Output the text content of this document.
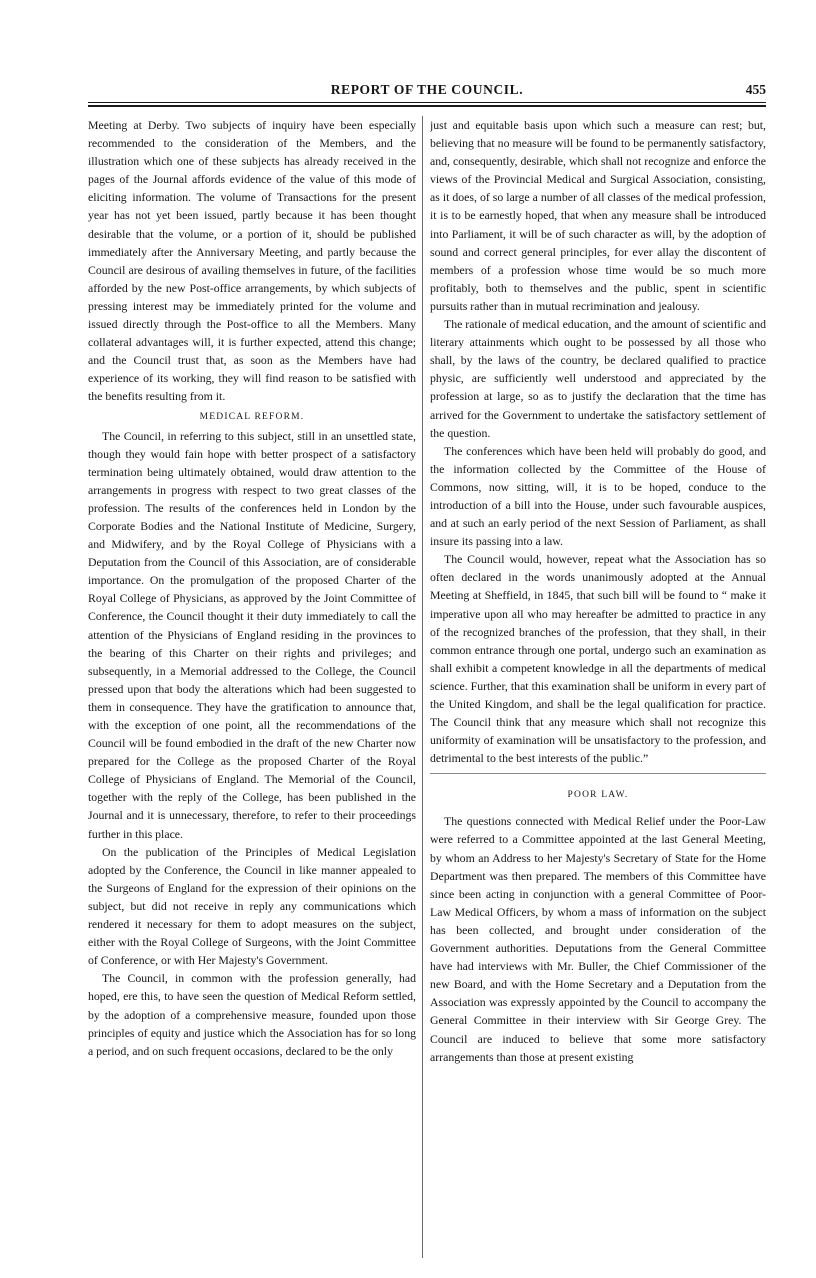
REPORT OF THE COUNCIL.	455

Meeting at Derby. Two subjects of inquiry have been especially recommended to the consideration of the Members, and the illustration which one of these subjects has already received in the pages of the Journal affords evidence of the value of this mode of eliciting information. The volume of Transactions for the present year has not yet been issued, partly because it has been thought desirable that the volume, or a portion of it, should be published immediately after the Anniversary Meeting, and partly because the Council are desirous of availing themselves in future, of the facilities afforded by the new Post-office arrangements, by which subjects of pressing interest may be immediately printed for the volume and issued directly through the Post-office to all the Members. Many collateral advantages will, it is further expected, attend this change; and the Council trust that, as soon as the Members have had experience of its working, they will find reason to be satisfied with the benefits resulting from it.

MEDICAL REFORM.

The Council, in referring to this subject, still in an unsettled state, though they would fain hope with better prospect of a satisfactory termination being ultimately obtained, would draw attention to the arrangements in progress with respect to two great classes of the profession. The results of the conferences held in London by the Corporate Bodies and the National Institute of Medicine, Surgery, and Midwifery, and by the Royal College of Physicians with a Deputation from the Council of this Association, are of considerable importance. On the promulgation of the proposed Charter of the Royal College of Physicians, as approved by the Joint Committee of Conference, the Council thought it their duty immediately to call the attention of the Physicians of England residing in the provinces to the bearing of this Charter on their rights and privileges; and subsequently, in a Memorial addressed to the College, the Council pressed upon that body the alterations which had been suggested to them in consequence. They have the gratification to announce that, with the exception of one point, all the recommendations of the Council will be found embodied in the draft of the new Charter now prepared for the College as the proposed Charter of the Royal College of Physicians of England. The Memorial of the Council, together with the reply of the College, has been published in the Journal and it is unnecessary, therefore, to refer to their proceedings further in this place.

On the publication of the Principles of Medical Legislation adopted by the Conference, the Council in like manner appealed to the Surgeons of England for the expression of their opinions on the subject, but did not receive in reply any communications which rendered it necessary for them to adopt measures on the subject, either with the Royal College of Surgeons, with the Joint Committee of Conference, or with Her Majesty's Government.

The Council, in common with the profession generally, had hoped, ere this, to have seen the question of Medical Reform settled, by the adoption of a comprehensive measure, founded upon those principles of equity and justice which the Association has for so long a period, and on such frequent occasions, declared to be the only

just and equitable basis upon which such a measure can rest; but, believing that no measure will be found to be permanently satisfactory, and, consequently, desirable, which shall not recognize and enforce the views of the Provincial Medical and Surgical Association, consisting, as it does, of so large a number of all classes of the medical profession, it is to be earnestly hoped, that when any measure shall be introduced into Parliament, it will be of such character as will, by the adoption of sound and correct general principles, for ever allay the discontent of members of a profession whose time would be so much more profitably, both to themselves and the public, spent in scientific pursuits rather than in mutual recrimination and jealousy.

The rationale of medical education, and the amount of scientific and literary attainments which ought to be possessed by all those who shall, by the laws of the country, be declared qualified to practice physic, are sufficiently well understood and appreciated by the profession at large, so as to justify the declaration that the time has arrived for the Government to undertake the satisfactory settlement of the question.

The conferences which have been held will probably do good, and the information collected by the Committee of the House of Commons, now sitting, will, it is to be hoped, conduce to the introduction of a bill into the House, under such favourable auspices, and at such an early period of the next Session of Parliament, as shall insure its passing into a law.

The Council would, however, repeat what the Association has so often declared in the words unanimously adopted at the Annual Meeting at Sheffield, in 1845, that such bill will be found to “ make it imperative upon all who may hereafter be admitted to practice in any of the recognized branches of the profession, that they shall, in their common entrance through one portal, undergo such an examination as shall exhibit a competent knowledge in all the departments of medical science. Further, that this examination shall be uniform in every part of the United Kingdom, and shall be the legal qualification for practice. The Council think that any measure which shall not recognize this uniformity of examination will be unsatisfactory to the profession, and detrimental to the best interests of the public.”

POOR LAW.

The questions connected with Medical Relief under the Poor-Law were referred to a Committee appointed at the last General Meeting, by whom an Address to her Majesty's Secretary of State for the Home Department was then prepared. The members of this Committee have since been acting in conjunction with a general Committee of Poor-Law Medical Officers, by whom a mass of information on the subject has been collected, and brought under consideration of the Government authorities. Deputations from the General Committee have had interviews with Mr. Buller, the Chief Commissioner of the new Board, and with the Home Secretary and a Deputation from the Association was expressly appointed by the Council to accompany the General Committee in their interview with Sir George Grey. The Council are induced to believe that some more satisfactory arrangements than those at present existing
